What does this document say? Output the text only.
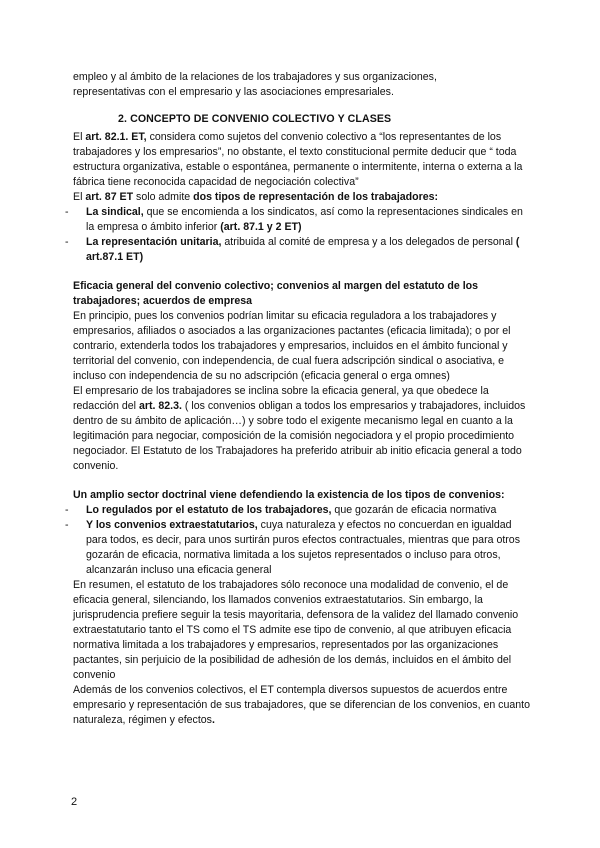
empleo y al ámbito de la relaciones de los trabajadores y sus organizaciones,

representativas con el empresario y las asociaciones empresariales.

2. CONCEPTO DE CONVENIO COLECTIVO Y CLASES

El art. 82.1. ET, considera como sujetos del convenio colectivo a “los representantes de los trabajadores y los empresarios”, no obstante, el texto constitucional permite deducir que “ toda estructura organizativa, estable o espontánea, permanente o intermitente, interna o externa a la fábrica tiene reconocida capacidad de negociación colectiva”

El art. 87 ET solo admite dos tipos de representación de los trabajadores:

- La sindical, que se encomienda a los sindicatos, así como la representaciones sindicales en la empresa o ámbito inferior (art. 87.1 y 2 ET)
- La representación unitaria, atribuida al comité de empresa y a los delegados de personal ( art.87.1 ET)

Eficacia general del convenio colectivo; convenios al margen del estatuto de los trabajadores; acuerdos de empresa

En principio, pues los convenios podrían limitar su eficacia reguladora a los trabajadores y empresarios, afiliados o asociados a las organizaciones pactantes (eficacia limitada); o por el contrario, extenderla todos los trabajadores y empresarios, incluidos en el ámbito funcional y territorial del convenio, con independencia, de cual fuera adscripción sindical o asociativa, e incluso con independencia de su no adscripción (eficacia general o erga omnes)

El empresario de los trabajadores se inclina sobre la eficacia general, ya que obedece la redacción del art. 82.3. ( los convenios obligan a todos los empresarios y trabajadores, incluidos dentro de su ámbito de aplicación…) y sobre todo el exigente mecanismo legal en cuanto a la legitimación para negociar, composición de la comisión negociadora y el propio procedimiento negociador. El Estatuto de los Trabajadores ha preferido atribuir ab initio eficacia general a todo convenio.

Un amplio sector doctrinal viene defendiendo la existencia de los tipos de convenios:

- Lo regulados por el estatuto de los trabajadores, que gozarán de eficacia normativa
- Y los convenios extraestatutarios, cuya naturaleza y efectos no concuerdan en igualdad para todos, es decir, para unos surtirán puros efectos contractuales, mientras que para otros gozarán de eficacia, normativa limitada a los sujetos representados o incluso para otros, alcanzarán incluso una eficacia general

En resumen, el estatuto de los trabajadores sólo reconoce una modalidad de convenio, el de eficacia general, silenciando, los llamados convenios extraestatutarios. Sin embargo, la jurisprudencia prefiere seguir la tesis mayoritaria, defensora de la validez del llamado convenio extraestatutario tanto el TS como el TS admite ese tipo de convenio, al que atribuyen eficacia normativa limitada a los trabajadores y empresarios, representados por las organizaciones pactantes, sin perjuicio de la posibilidad de adhesión de los demás, incluidos en el ámbito del convenio

Además de los convenios colectivos, el ET contempla diversos supuestos de acuerdos entre empresario y representación de sus trabajadores, que se diferencian de los convenios, en cuanto naturaleza, régimen y efectos.

2
